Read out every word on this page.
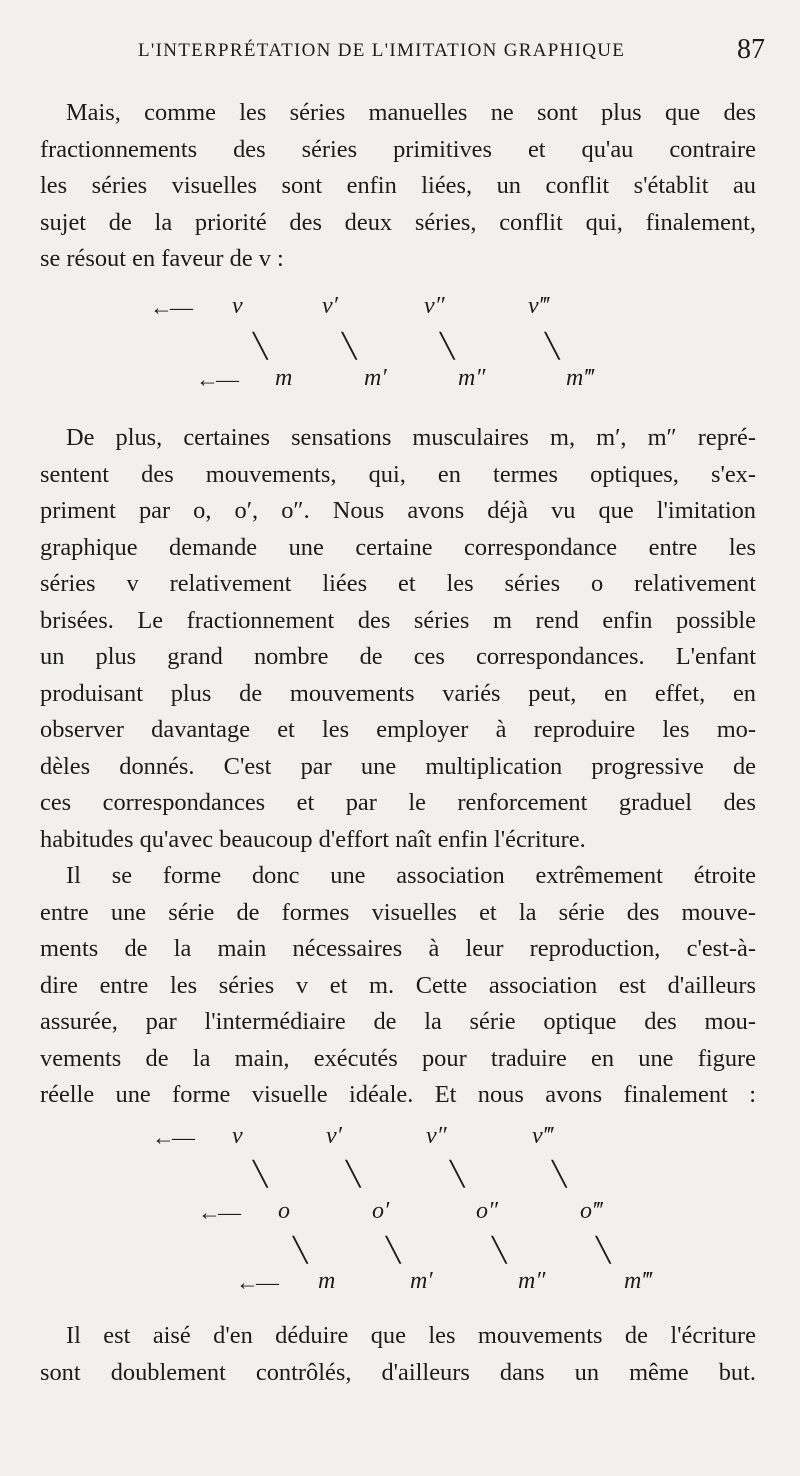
L'INTERPRÉTATION DE L'IMITATION GRAPHIQUE	87

Mais, comme les séries manuelles ne sont plus que des
fractionnements des séries primitives et qu'au contraire
les séries visuelles sont enfin liées, un conflit s'établit au
sujet de la priorité des deux séries, conflit qui, finalement,
se résout en faveur de v :

←— v	v′	v″	v‴
╲	╲	╲	╲
←— m	m′	m″	m‴

De plus, certaines sensations musculaires m, m′, m″ repré-
sentent des mouvements, qui, en termes optiques, s'ex-
priment par o, o′, o″. Nous avons déjà vu que l'imitation
graphique demande une certaine correspondance entre les
séries v relativement liées et les séries o relativement
brisées. Le fractionnement des séries m rend enfin possible
un plus grand nombre de ces correspondances. L'enfant
produisant plus de mouvements variés peut, en effet, en
observer davantage et les employer à reproduire les mo-
dèles donnés. C'est par une multiplication progressive de
ces correspondances et par le renforcement graduel des
habitudes qu'avec beaucoup d'effort naît enfin l'écriture.

Il se forme donc une association extrêmement étroite
entre une série de formes visuelles et la série des mouve-
ments de la main nécessaires à leur reproduction, c'est-à-
dire entre les séries v et m. Cette association est d'ailleurs
assurée, par l'intermédiaire de la série optique des mou-
vements de la main, exécutés pour traduire en une figure
réelle une forme visuelle idéale. Et nous avons finalement :

←— v	v′	v″	v‴
╲	╲	╲	╲
←— o	o′	o″	o‴
╲	╲	╲	╲
←— m	m′	m″	m‴

Il est aisé d'en déduire que les mouvements de l'écriture
sont doublement contrôlés, d'ailleurs dans un même but.
